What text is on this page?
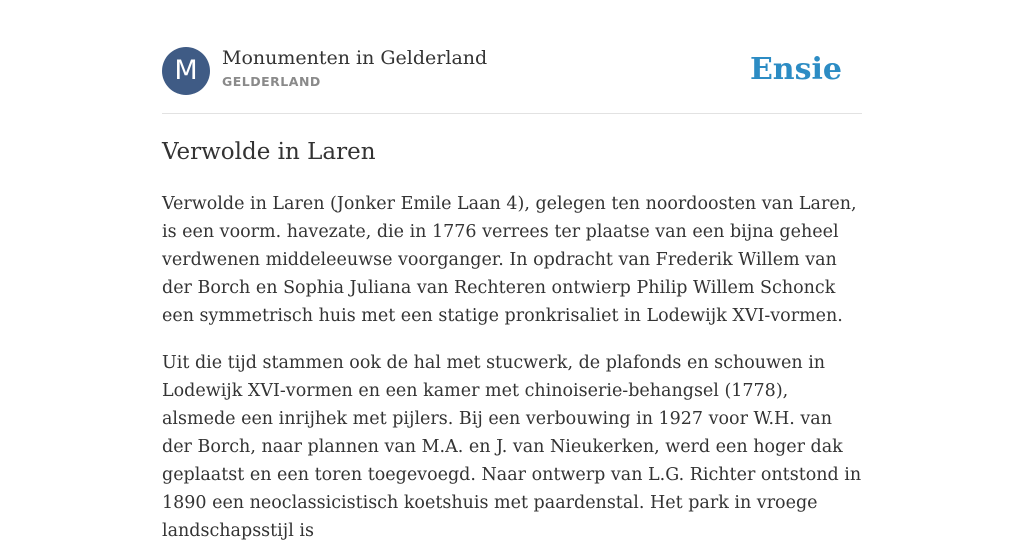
M	Monumenten in Gelderland
GELDERLAND	Ensie
Verwolde in Laren

Verwolde in Laren (Jonker Emile Laan 4), gelegen ten noordoosten van Laren, is een voorm. havezate, die in 1776 verrees ter plaatse van een bijna geheel verdwenen middeleeuwse voorganger. In opdracht van Frederik Willem van der Borch en Sophia Juliana van Rechteren ontwierp Philip Willem Schonck een symmetrisch huis met een statige pronkrisaliet in Lodewijk XVI-vormen.

Uit die tijd stammen ook de hal met stucwerk, de plafonds en schouwen in Lodewijk XVI-vormen en een kamer met chinoiserie-behangsel (1778), alsmede een inrijhek met pijlers. Bij een verbouwing in 1927 voor W.H. van der Borch, naar plannen van M.A. en J. van Nieukerken, werd een hoger dak geplaatst en een toren toegevoegd. Naar ontwerp van L.G. Richter ontstond in 1890 een neoclassicistisch koetshuis met paardenstal. Het park in vroege landschapsstijl is
